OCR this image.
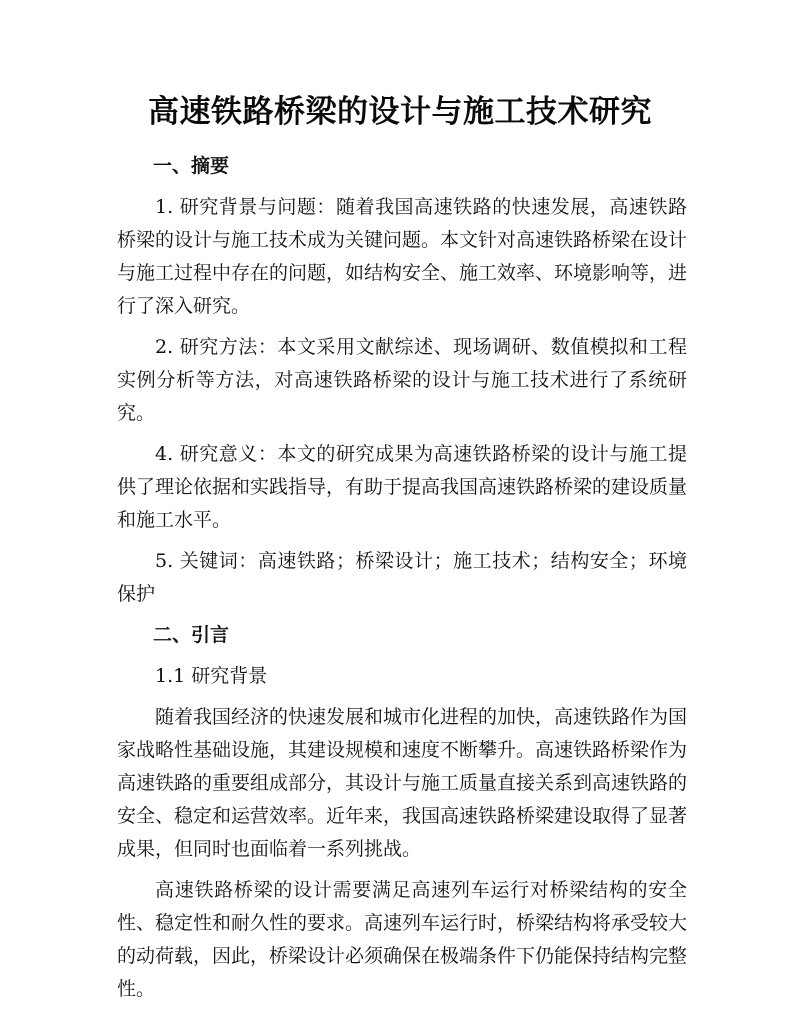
高速铁路桥梁的设计与施工技术研究
一、摘要

1. 研究背景与问题：随着我国高速铁路的快速发展，高速铁路桥梁的设计与施工技术成为关键问题。本文针对高速铁路桥梁在设计与施工过程中存在的问题，如结构安全、施工效率、环境影响等，进行了深入研究。

2. 研究方法：本文采用文献综述、现场调研、数值模拟和工程实例分析等方法，对高速铁路桥梁的设计与施工技术进行了系统研究。

4. 研究意义：本文的研究成果为高速铁路桥梁的设计与施工提供了理论依据和实践指导，有助于提高我国高速铁路桥梁的建设质量和施工水平。

5. 关键词：高速铁路；桥梁设计；施工技术；结构安全；环境保护

二、引言
1.1 研究背景

随着我国经济的快速发展和城市化进程的加快，高速铁路作为国家战略性基础设施，其建设规模和速度不断攀升。高速铁路桥梁作为高速铁路的重要组成部分，其设计与施工质量直接关系到高速铁路的安全、稳定和运营效率。近年来，我国高速铁路桥梁建设取得了显著成果，但同时也面临着一系列挑战。

高速铁路桥梁的设计需要满足高速列车运行对桥梁结构的安全性、稳定性和耐久性的要求。高速列车运行时，桥梁结构将承受较大的动荷载，因此，桥梁设计必须确保在极端条件下仍能保持结构完整性。
